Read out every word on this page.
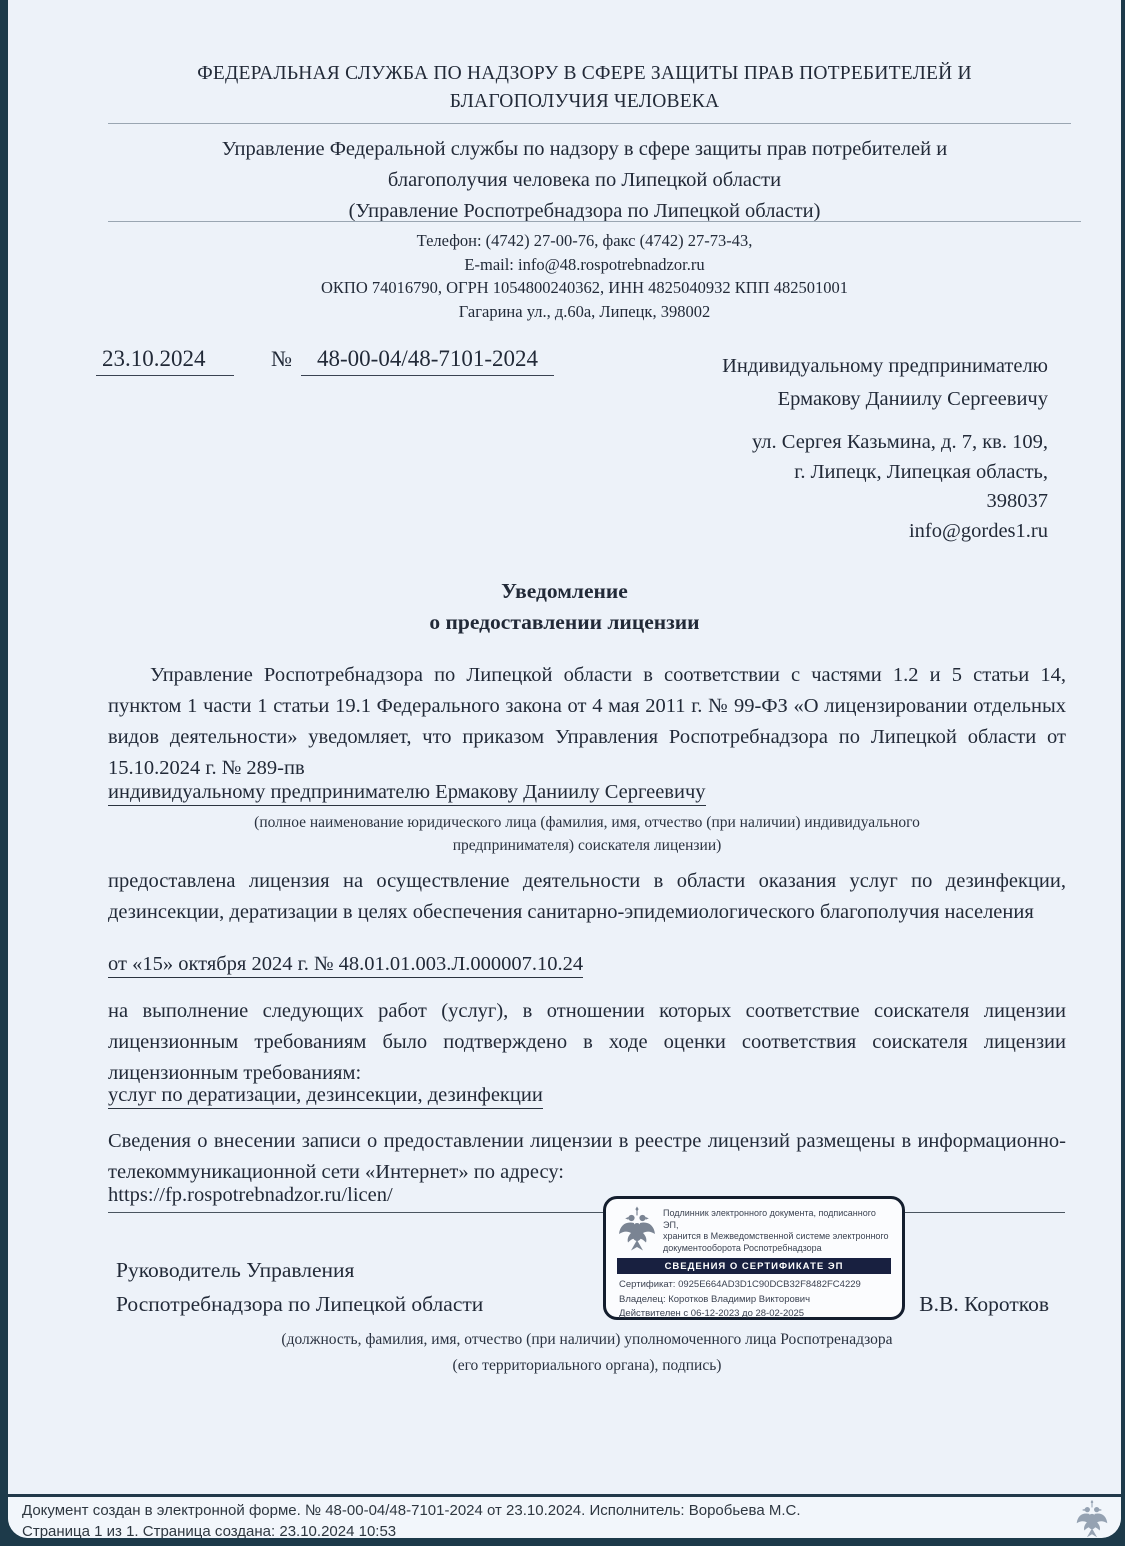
ФЕДЕРАЛЬНАЯ СЛУЖБА ПО НАДЗОРУ В СФЕРЕ ЗАЩИТЫ ПРАВ ПОТРЕБИТЕЛЕЙ И
БЛАГОПОЛУЧИЯ ЧЕЛОВЕКА
Управление Федеральной службы по надзору в сфере защиты прав потребителей и
благополучия человека по Липецкой области
(Управление Роспотребнадзора по Липецкой области)
Телефон: (4742) 27-00-76, факс (4742) 27-73-43,
E-mail: info@48.rospotrebnadzor.ru
ОКПО 74016790, ОГРН 1054800240362, ИНН 4825040932 КПП 482501001
Гагарина ул., д.60а, Липецк, 398002
23.10.2024	№	48-00-04/48-7101-2024	Индивидуальному предпринимателю
Ермакову Даниилу Сергеевичу
ул. Сергея Казьмина, д. 7, кв. 109,
г. Липецк, Липецкая область,
398037
info@gordes1.ru
Уведомление
о предоставлении лицензии
Управление Роспотребнадзора по Липецкой области в соответствии с частями 1.2 и 5 статьи 14, пунктом 1 части 1 статьи 19.1 Федерального закона от 4 мая 2011 г. № 99-ФЗ «О лицензировании отдельных видов деятельности» уведомляет, что приказом Управления Роспотребнадзора по Липецкой области от 15.10.2024 г. № 289-пв
индивидуальному предпринимателю Ермакову Даниилу Сергеевичу
(полное наименование юридического лица (фамилия, имя, отчество (при наличии) индивидуального
предпринимателя) соискателя лицензии)
предоставлена лицензия на осуществление деятельности в области оказания услуг по дезинфекции, дезинсекции, дератизации в целях обеспечения санитарно-эпидемиологического благополучия населения
от «15» октября 2024 г. № 48.01.01.003.Л.000007.10.24
на выполнение следующих работ (услуг), в отношении которых соответствие соискателя лицензии лицензионным требованиям было подтверждено в ходе оценки соответствия соискателя лицензии лицензионным требованиям:
услуг по дератизации, дезинсекции, дезинфекции
Сведения о внесении записи о предоставлении лицензии в реестре лицензий размещены в информационно-телекоммуникационной сети «Интернет» по адресу:
https://fp.rospotrebnadzor.ru/licen/
Подлинник электронного документа, подписанного ЭП,
хранится в Межведомственной системе электронного
документооборота Роспотребнадзора
СВЕДЕНИЯ О СЕРТИФИКАТЕ ЭП
Сертификат: 0925E664AD3D1C90DCB32F8482FC4229
Владелец: Коротков Владимир Викторович
Действителен с 06-12-2023 до 28-02-2025
Руководитель Управления
Роспотребнадзора по Липецкой области	В.В. Коротков
(должность, фамилия, имя, отчество (при наличии) уполномоченного лица Роспотренадзора
(его территориального органа), подпись)
Документ создан в электронной форме. № 48-00-04/48-7101-2024 от 23.10.2024. Исполнитель: Воробьева М.С.
Страница 1 из 1. Страница создана: 23.10.2024 10:53
